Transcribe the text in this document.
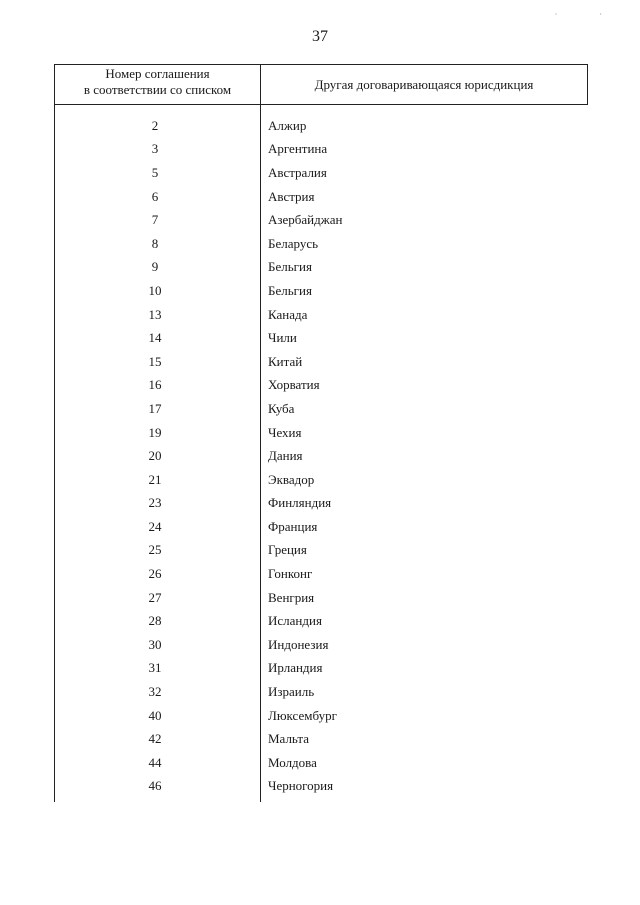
· ·
37
Номер соглашения
в соответствии со списком	Другая договаривающаяся юрисдикция
2	Алжир
3	Аргентина
5	Австралия
6	Австрия
7	Азербайджан
8	Беларусь
9	Бельгия
10	Бельгия
13	Канада
14	Чили
15	Китай
16	Хорватия
17	Куба
19	Чехия
20	Дания
21	Эквадор
23	Финляндия
24	Франция
25	Греция
26	Гонконг
27	Венгрия
28	Исландия
30	Индонезия
31	Ирландия
32	Израиль
40	Люксембург
42	Мальта
44	Молдова
46	Черногория
